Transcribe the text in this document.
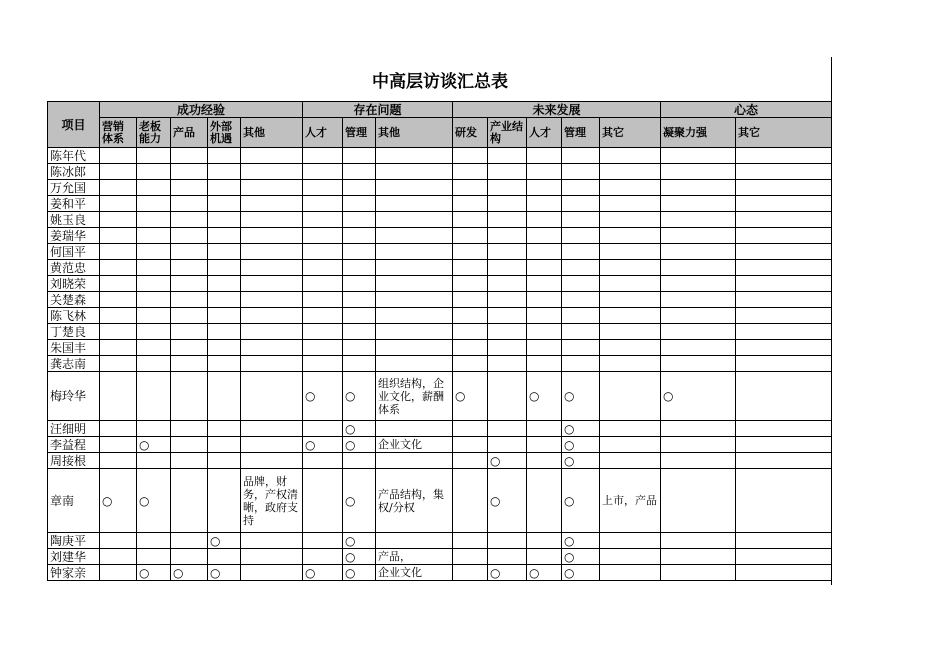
中高层访谈汇总表
项目	成功经验					存在问题			未来发展					心态	
	营销体系	老板能力	产品	外部机遇	其他	人才	管理	其他	研发	产业结构	人才	管理	其它	凝聚力强	其它
陈年代															
陈冰郎															
万允国															
姜和平															
姚玉良															
姜瑞华															
何国平															
黄范忠															
刘晓荣															
关楚森															
陈飞林															
丁楚良															
朱国丰															
龚志南															
梅玲华						○	○	组织结构，企业文化，薪酬体系	○		○	○		○	
汪细明							○					○			
李益程		○				○	○	企业文化				○			
周接根										○		○			
章南	○	○			品牌，财务，产权清晰，政府支持		○	产品结构，集权/分权		○		○	上市，产品		
陶庚平				○			○					○			
刘建华							○	产品，				○			
钟家亲		○	○	○		○	○	企业文化		○	○	○			
